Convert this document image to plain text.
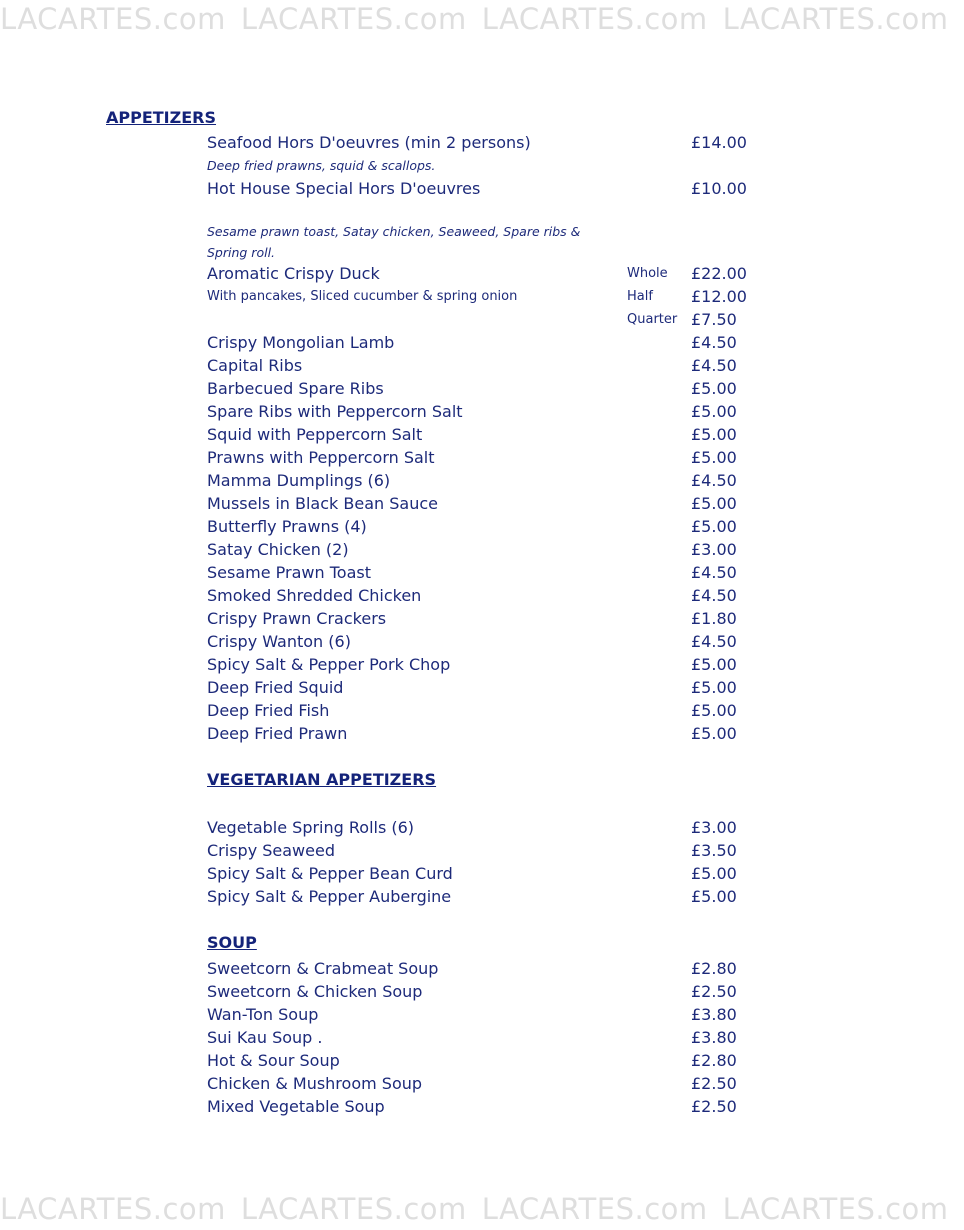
LACARTES.com LACARTES.com LACARTES.com LACARTES.com
APPETIZERS
Seafood Hors D'oeuvres (min 2 persons)	£14.00
Deep fried prawns, squid & scallops.
Hot House Special Hors D'oeuvres	£10.00
Sesame prawn toast, Satay chicken, Seaweed, Spare ribs & Spring roll.
Aromatic Crispy Duck	Whole £22.00
With pancakes, Sliced cucumber & spring onion	Half £12.00
Quarter £7.50
Crispy Mongolian Lamb	£4.50
Capital Ribs	£4.50
Barbecued Spare Ribs	£5.00
Spare Ribs with Peppercorn Salt	£5.00
Squid with Peppercorn Salt	£5.00
Prawns with Peppercorn Salt	£5.00
Mamma Dumplings (6)	£4.50
Mussels in Black Bean Sauce	£5.00
Butterfly Prawns (4)	£5.00
Satay Chicken (2)	£3.00
Sesame Prawn Toast	£4.50
Smoked Shredded Chicken	£4.50
Crispy Prawn Crackers	£1.80
Crispy Wanton (6)	£4.50
Spicy Salt & Pepper Pork Chop	£5.00
Deep Fried Squid	£5.00
Deep Fried Fish	£5.00
Deep Fried Prawn	£5.00
VEGETARIAN APPETIZERS
Vegetable Spring Rolls (6)	£3.00
Crispy Seaweed	£3.50
Spicy Salt & Pepper Bean Curd	£5.00
Spicy Salt & Pepper Aubergine	£5.00
SOUP
Sweetcorn & Crabmeat Soup	£2.80
Sweetcorn & Chicken Soup	£2.50
Wan-Ton Soup	£3.80
Sui Kau Soup .	£3.80
Hot & Sour Soup	£2.80
Chicken & Mushroom Soup	£2.50
Mixed Vegetable Soup	£2.50
LACARTES.com LACARTES.com LACARTES.com LACARTES.com
